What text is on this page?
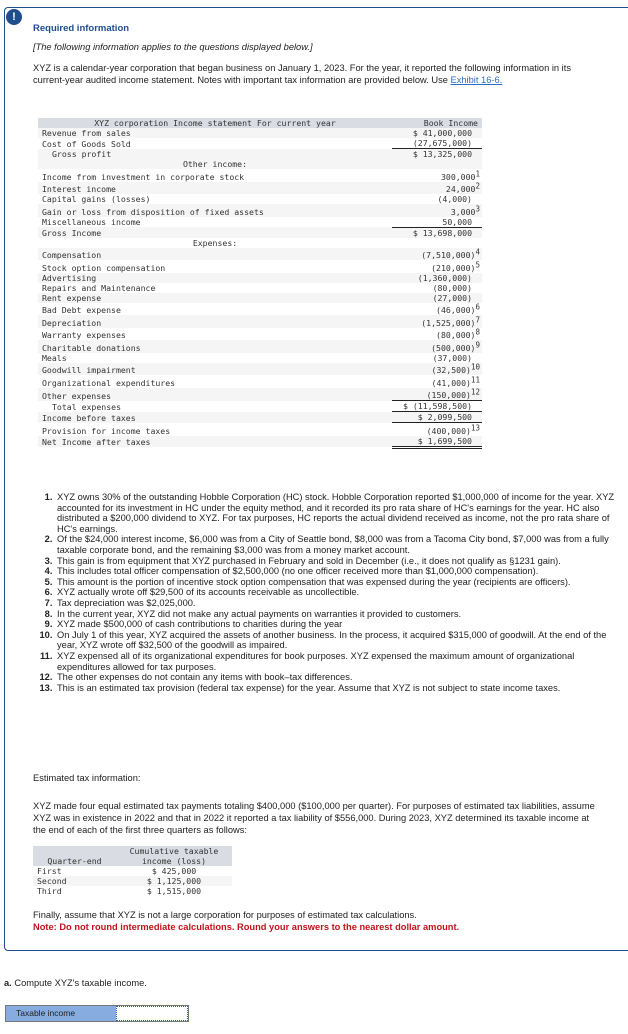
!
Required information
[The following information applies to the questions displayed below.]
XYZ is a calendar-year corporation that began business on January 1, 2023. For the year, it reported the following information in its current-year audited income statement. Notes with important tax information are provided below. Use Exhibit 16-6.
XYZ corporation Income statement For current year	Book Income
Revenue from sales	$ 41,000,000
Cost of Goods Sold	(27,675,000)
Gross profit	$ 13,325,000

Other income:	
Income from investment in corporate stock	300,000$^1$
Interest income	24,000$^2$
Capital gains (losses)	(4,000)
Gain or loss from disposition of fixed assets	3,000$^3$
Miscellaneous income	50,000
Gross Income	$ 13,698,000
Expenses:	
Compensation	$(7,510,000)^4$
Stock option compensation	$(210,000)^5$
Advertising	(1,360,000)
Repairs and Maintenance	(80,000)
Rent expense	(27,000)
Bad Debt expense	$(46,000)^6$
Depreciation	$(1,525,000)^7$
Warranty expenses	$(80,000)^8$
Charitable donations	$(500,000)^9$
Meals	(37,000)
Goodwill impairment	$(32,500)^{10}$
Organizational expenditures	$(41,000)^{11}$
Other expenses	$(150,000)^{12}$
Total expenses	$ (11,598,500)
Income before taxes	$ 2,099,500
Provision for income taxes	$(400,000)^{13}$
Net Income after taxes	$ 1,699,500
1. XYZ owns 30% of the outstanding Hobble Corporation (HC) stock. Hobble Corporation reported $1,000,000 of income for the year. XYZ accounted for its investment in HC under the equity method, and it recorded its pro rata share of HC's earnings for the year. HC also distributed a $200,000 dividend to XYZ. For tax purposes, HC reports the actual dividend received as income, not the pro rata share of HC's earnings.
2. Of the $24,000 interest income, $6,000 was from a City of Seattle bond, $8,000 was from a Tacoma City bond, $7,000 was from a fully taxable corporate bond, and the remaining $3,000 was from a money market account.
3. This gain is from equipment that XYZ purchased in February and sold in December (i.e., it does not qualify as §1231 gain).
4. This includes total officer compensation of $2,500,000 (no one officer received more than $1,000,000 compensation).
5. This amount is the portion of incentive stock option compensation that was expensed during the year (recipients are officers).
6. XYZ actually wrote off $29,500 of its accounts receivable as uncollectible.
7. Tax depreciation was $2,025,000.
8. In the current year, XYZ did not make any actual payments on warranties it provided to customers.
9. XYZ made $500,000 of cash contributions to charities during the year
10. On July 1 of this year, XYZ acquired the assets of another business. In the process, it acquired $315,000 of goodwill. At the end of the year, XYZ wrote off $32,500 of the goodwill as impaired.
11. XYZ expensed all of its organizational expenditures for book purposes. XYZ expensed the maximum amount of organizational expenditures allowed for tax purposes.
12. The other expenses do not contain any items with book–tax differences.
13. This is an estimated tax provision (federal tax expense) for the year. Assume that XYZ is not subject to state income taxes.
Estimated tax information:
XYZ made four equal estimated tax payments totaling $400,000 ($100,000 per quarter). For purposes of estimated tax liabilities, assume XYZ was in existence in 2022 and that in 2022 it reported a tax liability of $556,000. During 2023, XYZ determined its taxable income at the end of each of the first three quarters as follows:
Quarter-end	Cumulative taxable
income (loss)
First	$ 425,000
Second	$ 1,125,000
Third	$ 1,515,000
Finally, assume that XYZ is not a large corporation for purposes of estimated tax calculations.
Note: Do not round intermediate calculations. Round your answers to the nearest dollar amount.
a. Compute XYZ's taxable income.
Taxable income
